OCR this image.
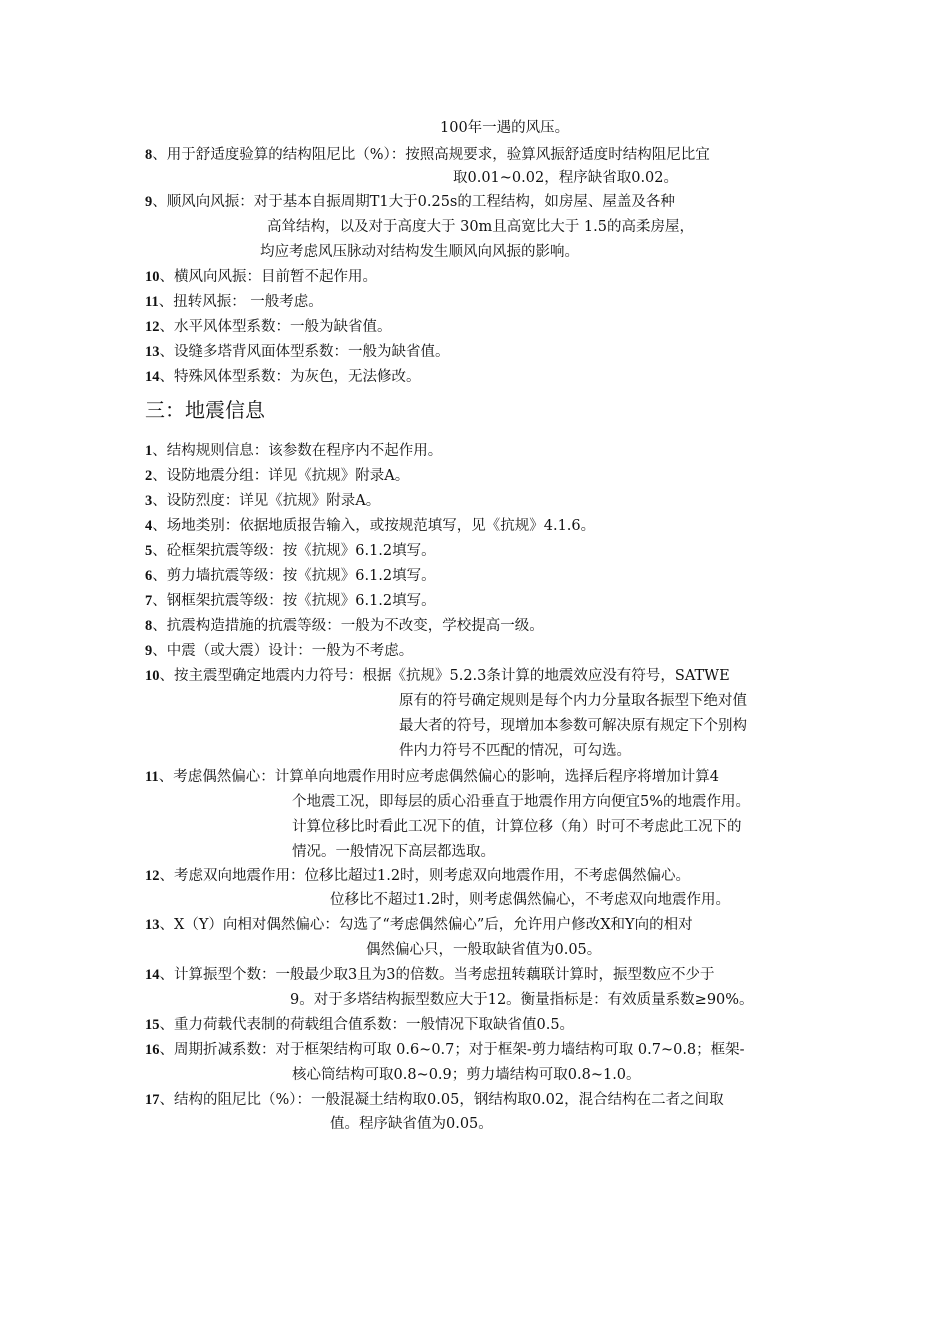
100年一遇的风压。
8、用于舒适度验算的结构阻尼比（%）：按照高规要求，验算风振舒适度时结构阻尼比宜
取0.01~0.02，程序缺省取0.02。
9、顺风向风振：对于基本自振周期T1大于0.25s的工程结构，如房屋、屋盖及各种
高耸结构，以及对于高度大于 30m且高宽比大于 1.5的高柔房屋，
均应考虑风压脉动对结构发生顺风向风振的影响。
10、横风向风振：目前暂不起作用。
11、扭转风振： 一般考虑。
12、水平风体型系数：一般为缺省值。
13、设缝多塔背风面体型系数：一般为缺省值。
14、特殊风体型系数：为灰色，无法修改。
三：地震信息
1、结构规则信息：该参数在程序内不起作用。
2、设防地震分组：详见《抗规》附录A。
3、设防烈度：详见《抗规》附录A。
4、场地类别：依据地质报告输入，或按规范填写，见《抗规》4.1.6。
5、砼框架抗震等级：按《抗规》6.1.2填写。
6、剪力墙抗震等级：按《抗规》6.1.2填写。
7、钢框架抗震等级：按《抗规》6.1.2填写。
8、抗震构造措施的抗震等级：一般为不改变，学校提高一级。
9、中震（或大震）设计：一般为不考虑。
10、按主震型确定地震内力符号：根据《抗规》5.2.3条计算的地震效应没有符号，SATWE
原有的符号确定规则是每个内力分量取各振型下绝对值
最大者的符号，现增加本参数可解决原有规定下个别构
件内力符号不匹配的情况，可勾选。
11、考虑偶然偏心：计算单向地震作用时应考虑偶然偏心的影响，选择后程序将增加计算4
个地震工况，即每层的质心沿垂直于地震作用方向便宜5%的地震作用。
计算位移比时看此工况下的值，计算位移（角）时可不考虑此工况下的
情况。一般情况下高层都选取。
12、考虑双向地震作用：位移比超过1.2时，则考虑双向地震作用，不考虑偶然偏心。
位移比不超过1.2时，则考虑偶然偏心，不考虑双向地震作用。
13、X（Y）向相对偶然偏心：勾选了“考虑偶然偏心”后，允许用户修改X和Y向的相对
偶然偏心只，一般取缺省值为0.05。
14、计算振型个数：一般最少取3且为3的倍数。当考虑扭转藕联计算时，振型数应不少于
9。对于多塔结构振型数应大于12。衡量指标是：有效质量系数≥90%。
15、重力荷载代表制的荷载组合值系数：一般情况下取缺省值0.5。
16、周期折减系数：对于框架结构可取 0.6~0.7；对于框架-剪力墙结构可取 0.7~0.8；框架-
核心筒结构可取0.8~0.9；剪力墙结构可取0.8~1.0。
17、结构的阻尼比（%）：一般混凝土结构取0.05，钢结构取0.02，混合结构在二者之间取
值。程序缺省值为0.05。
